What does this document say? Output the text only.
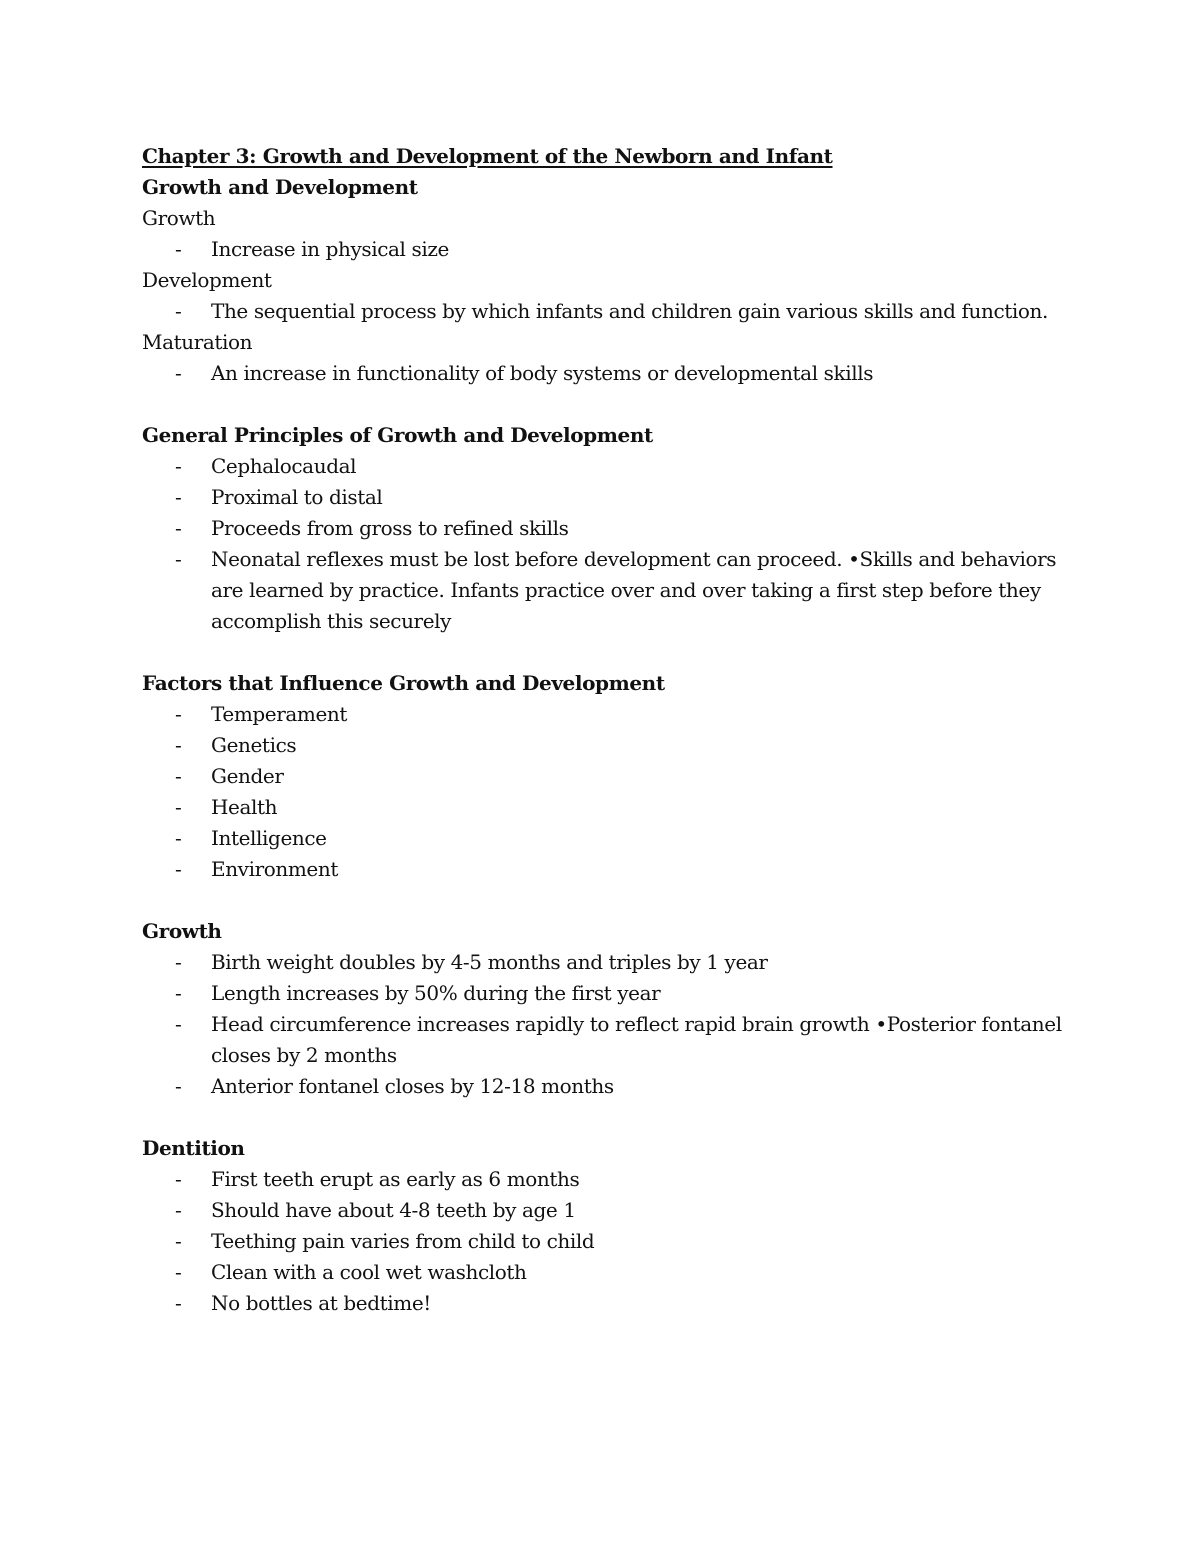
Chapter 3: Growth and Development of the Newborn and Infant
Growth and Development
Growth
- Increase in physical size
Development
- The sequential process by which infants and children gain various skills and function.
Maturation
- An increase in functionality of body systems or developmental skills
General Principles of Growth and Development
- Cephalocaudal
- Proximal to distal
- Proceeds from gross to refined skills
- Neonatal reflexes must be lost before development can proceed. •Skills and behaviors are learned by practice. Infants practice over and over taking a first step before they accomplish this securely
Factors that Influence Growth and Development
- Temperament
- Genetics
- Gender
- Health
- Intelligence
- Environment
Growth
- Birth weight doubles by 4-5 months and triples by 1 year
- Length increases by 50% during the first year
- Head circumference increases rapidly to reflect rapid brain growth •Posterior fontanel closes by 2 months
- Anterior fontanel closes by 12-18 months
Dentition
- First teeth erupt as early as 6 months
- Should have about 4-8 teeth by age 1
- Teething pain varies from child to child
- Clean with a cool wet washcloth
- No bottles at bedtime!
